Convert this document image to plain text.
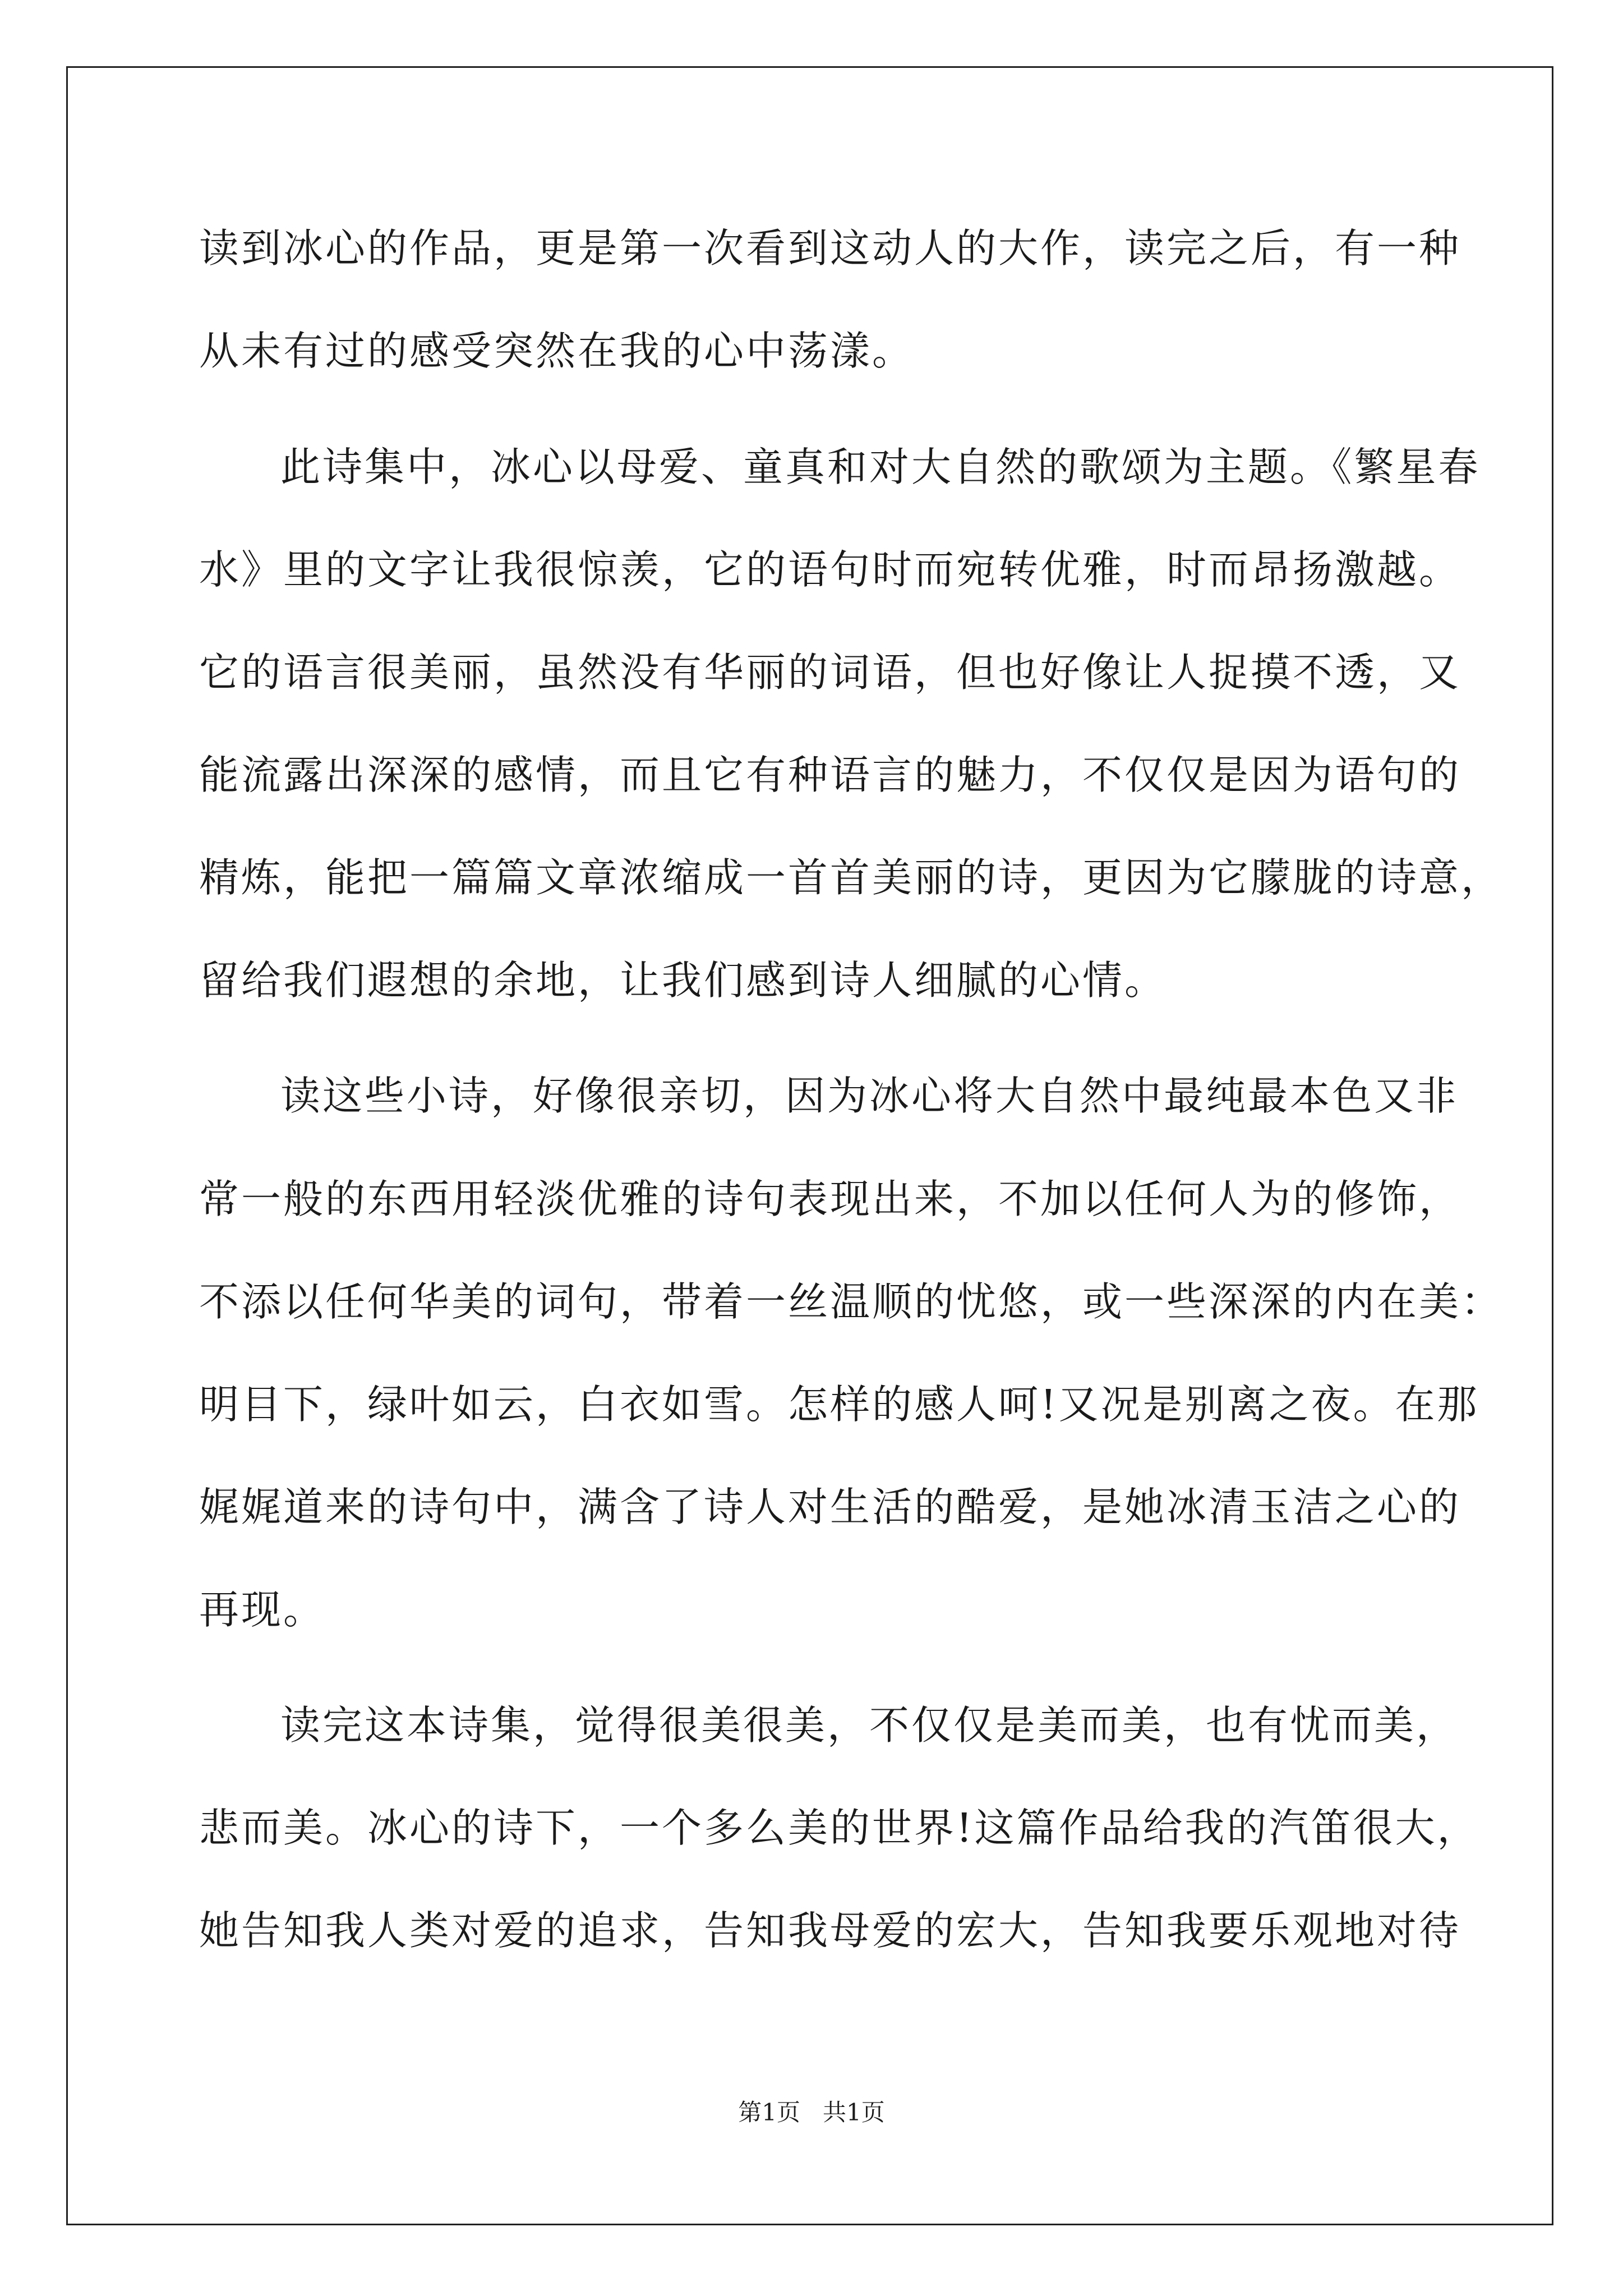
读到冰心的作品，更是第一次看到这动人的大作，读完之后，有一种
从未有过的感受突然在我的心中荡漾。
此诗集中，冰心以母爱、童真和对大自然的歌颂为主题。《繁星春
水》里的文字让我很惊羡，它的语句时而宛转优雅，时而昂扬激越。
它的语言很美丽，虽然没有华丽的词语，但也好像让人捉摸不透，又
能流露出深深的感情，而且它有种语言的魅力，不仅仅是因为语句的
精炼，能把一篇篇文章浓缩成一首首美丽的诗，更因为它朦胧的诗意，
留给我们遐想的余地，让我们感到诗人细腻的心情。
读这些小诗，好像很亲切，因为冰心将大自然中最纯最本色又非
常一般的东西用轻淡优雅的诗句表现出来，不加以任何人为的修饰，
不添以任何华美的词句，带着一丝温顺的忧悠，或一些深深的内在美：
明目下，绿叶如云，白衣如雪。怎样的感人呵!又况是别离之夜。在那
娓娓道来的诗句中，满含了诗人对生活的酷爱，是她冰清玉洁之心的
再现。
读完这本诗集，觉得很美很美，不仅仅是美而美，也有忧而美，
悲而美。冰心的诗下，一个多么美的世界!这篇作品给我的汽笛很大，
她告知我人类对爱的追求，告知我母爱的宏大，告知我要乐观地对待
第1页   共1页
